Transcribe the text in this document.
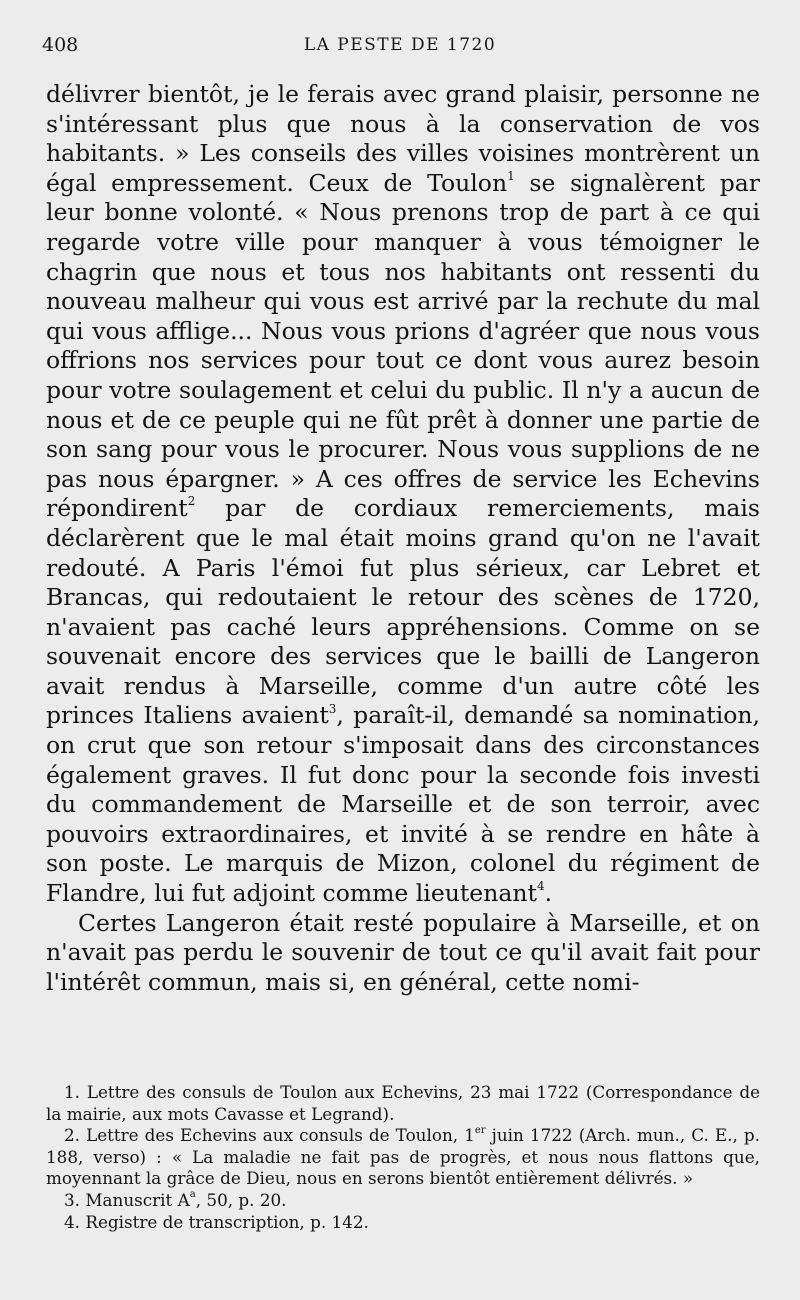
408	LA PESTE DE 1720

délivrer bientôt, je le ferais avec grand plaisir, personne ne s'intéressant plus que nous à la conservation de vos habitants. » Les conseils des villes voisines montrèrent un égal empressement. Ceux de Toulon$^1$ se signalèrent par leur bonne volonté. « Nous prenons trop de part à ce qui regarde votre ville pour manquer à vous témoigner le chagrin que nous et tous nos habitants ont ressenti du nouveau malheur qui vous est arrivé par la rechute du mal qui vous afflige... Nous vous prions d'agréer que nous vous offrions nos services pour tout ce dont vous aurez besoin pour votre soulagement et celui du public. Il n'y a aucun de nous et de ce peuple qui ne fût prêt à donner une partie de son sang pour vous le procurer. Nous vous supplions de ne pas nous épargner. » A ces offres de service les Echevins répondirent$^2$ par de cordiaux remerciements, mais déclarèrent que le mal était moins grand qu'on ne l'avait redouté. A Paris l'émoi fut plus sérieux, car Lebret et Brancas, qui redoutaient le retour des scènes de 1720, n'avaient pas caché leurs appréhensions. Comme on se souvenait encore des services que le bailli de Langeron avait rendus à Marseille, comme d'un autre côté les princes Italiens avaient$^3$, paraît-il, demandé sa nomination, on crut que son retour s'imposait dans des circonstances également graves. Il fut donc pour la seconde fois investi du commandement de Marseille et de son terroir, avec pouvoirs extraordinaires, et invité à se rendre en hâte à son poste. Le marquis de Mizon, colonel du régiment de Flandre, lui fut adjoint comme lieutenant$^4$.

Certes Langeron était resté populaire à Marseille, et on n'avait pas perdu le souvenir de tout ce qu'il avait fait pour l'intérêt commun, mais si, en général, cette nomi-

1. Lettre des consuls de Toulon aux Echevins, 23 mai 1722 (Correspondance de la mairie, aux mots Cavasse et Legrand).

2. Lettre des Echevins aux consuls de Toulon, 1er juin 1722 (Arch. mun., C. E., p. 188, verso) : « La maladie ne fait pas de progrès, et nous nous flattons que, moyennant la grâce de Dieu, nous en serons bientôt entièrement délivrés. »

3. Manuscrit $A^a$, 50, p. 20.

4. Registre de transcription, p. 142.
